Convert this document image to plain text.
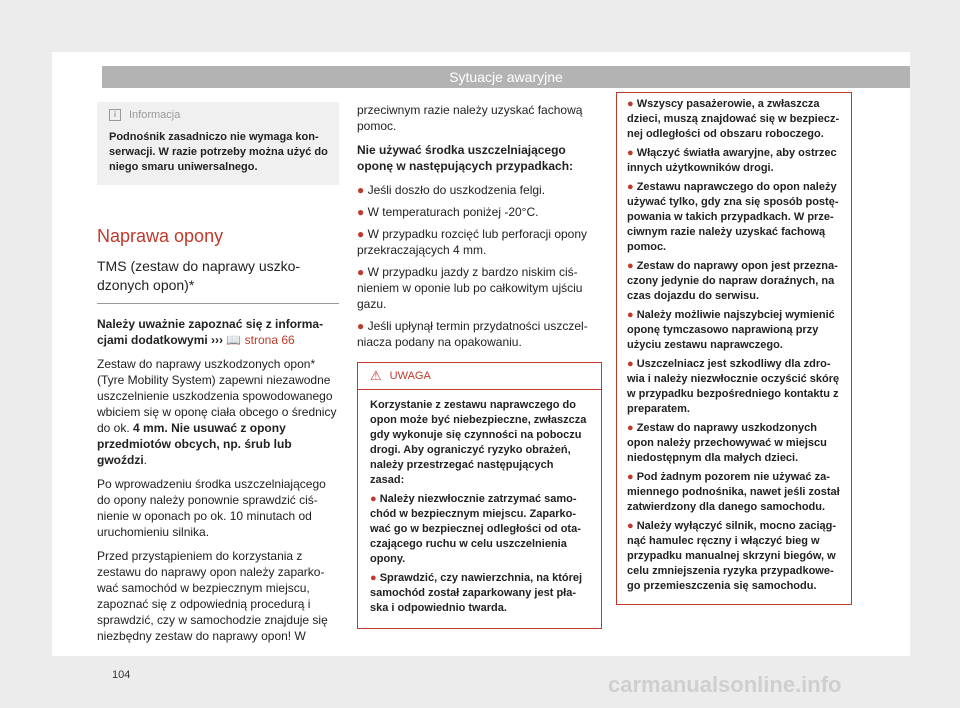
Sytuacje awaryjne
i	Informacja
Podnośnik zasadniczo nie wymaga konserwacji. W razie potrzeby można użyć do niego smaru uniwersalnego.
Naprawa opony
TMS (zestaw do naprawy uszkodzonych opon)*

Należy uważnie zapoznać się z informacjami dodatkowymi ››› 📖 strona 66

Zestaw do naprawy uszkodzonych opon* (Tyre Mobility System) zapewni niezawodne uszczelnienie uszkodzenia spowodowanego wbiciem się w oponę ciała obcego o średnicy do ok. 4 mm. Nie usuwać z opony przedmiotów obcych, np. śrub lub gwoździ.

Po wprowadzeniu środka uszczelniającego do opony należy ponownie sprawdzić ciśnienie w oponach po ok. 10 minutach od uruchomieniu silnika.

Przed przystąpieniem do korzystania z zestawu do naprawy opon należy zaparkować samochód w bezpiecznym miejscu, zapoznać się z odpowiednią procedurą i sprawdzić, czy w samochodzie znajduje się niezbędny zestaw do naprawy opon! W

przeciwnym razie należy uzyskać fachową pomoc.

Nie używać środka uszczelniającego oponę w następujących przypadkach:

● Jeśli doszło do uszkodzenia felgi.
● W temperaturach poniżej -20°C.
● W przypadku rozcięć lub perforacji opony przekraczających 4 mm.
● W przypadku jazdy z bardzo niskim ciśnieniem w oponie lub po całkowitym ujściu gazu.
● Jeśli upłynął termin przydatności uszczelniacza podany na opakowaniu.
⚠ UWAGA

Korzystanie z zestawu naprawczego do opon może być niebezpieczne, zwłaszcza gdy wykonuje się czynności na poboczu drogi. Aby ograniczyć ryzyko obrażeń, należy przestrzegać następujących zasad:

● Należy niezwłocznie zatrzymać samochód w bezpiecznym miejscu. Zaparkować go w bezpiecznej odległości od otaczającego ruchu w celu uszczelnienia opony.

● Sprawdzić, czy nawierzchnia, na której samochód został zaparkowany jest płaska i odpowiednio twarda.

● Wszyscy pasażerowie, a zwłaszcza dzieci, muszą znajdować się w bezpiecznej odległości od obszaru roboczego.

● Włączyć światła awaryjne, aby ostrzec innych użytkowników drogi.

● Zestawu naprawczego do opon należy używać tylko, gdy zna się sposób postępowania w takich przypadkach. W przeciwnym razie należy uzyskać fachową pomoc.

● Zestaw do naprawy opon jest przeznaczony jedynie do napraw doraźnych, na czas dojazdu do serwisu.

● Należy możliwie najszybciej wymienić oponę tymczasowo naprawioną przy użyciu zestawu naprawczego.

● Uszczelniacz jest szkodliwy dla zdrowia i należy niezwłocznie oczyścić skórę w przypadku bezpośredniego kontaktu z preparatem.

● Zestaw do naprawy uszkodzonych opon należy przechowywać w miejscu niedostępnym dla małych dzieci.

● Pod żadnym pozorem nie używać zamiennego podnośnika, nawet jeśli został zatwierdzony dla danego samochodu.

● Należy wyłączyć silnik, mocno zaciągnąć hamulec ręczny i włączyć bieg w przypadku manualnej skrzyni biegów, w celu zmniejszenia ryzyka przypadkowego przemieszczenia się samochodu.

104	carmanualsonline.info
